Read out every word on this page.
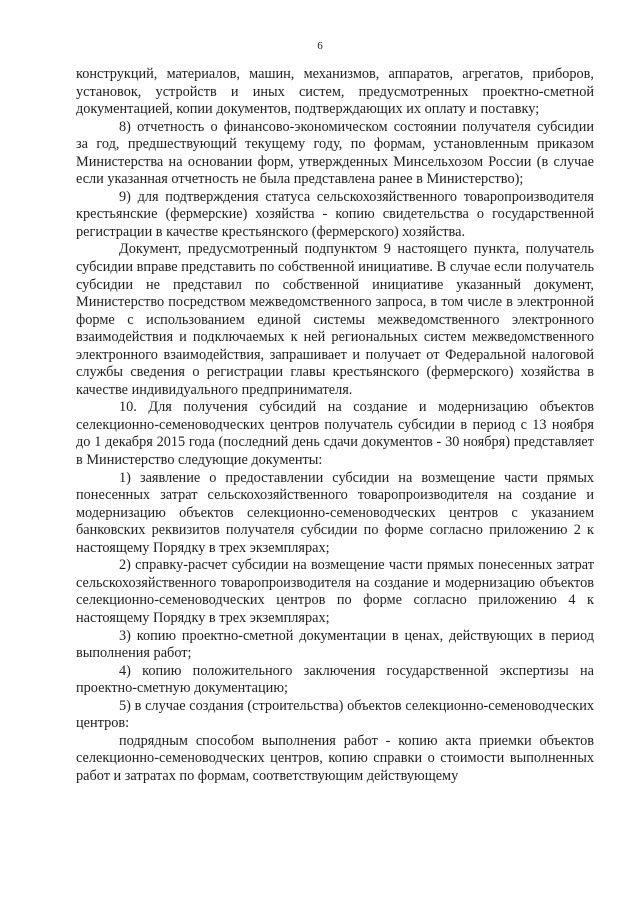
6

конструкций, материалов, машин, механизмов, аппаратов, агрегатов, приборов, установок, устройств и иных систем, предусмотренных проектно-сметной документацией, копии документов, подтверждающих их оплату и поставку;

8) отчетность о финансово-экономическом состоянии получателя субсидии за год, предшествующий текущему году, по формам, установленным приказом Министерства на основании форм, утвержденных Минсельхозом России (в случае если указанная отчетность не была представлена ранее в Министерство);

9) для подтверждения статуса сельскохозяйственного товаропроизводителя крестьянские (фермерские) хозяйства - копию свидетельства о государственной регистрации в качестве крестьянского (фермерского) хозяйства.

Документ, предусмотренный подпунктом 9 настоящего пункта, получатель субсидии вправе представить по собственной инициативе. В случае если получатель субсидии не представил по собственной инициативе указанный документ, Министерство посредством межведомственного запроса, в том числе в электронной форме с использованием единой системы межведомственного электронного взаимодействия и подключаемых к ней региональных систем межведомственного электронного взаимодействия, запрашивает и получает от Федеральной налоговой службы сведения о регистрации главы крестьянского (фермерского) хозяйства в качестве индивидуального предпринимателя.

10. Для получения субсидий на создание и модернизацию объектов селекционно-семеноводческих центров получатель субсидии в период с 13 ноября до 1 декабря 2015 года (последний день сдачи документов - 30 ноября) представляет в Министерство следующие документы:

1) заявление о предоставлении субсидии на возмещение части прямых понесенных затрат сельскохозяйственного товаропроизводителя на создание и модернизацию объектов селекционно-семеноводческих центров с указанием банковских реквизитов получателя субсидии по форме согласно приложению 2 к настоящему Порядку в трех экземплярах;

2) справку-расчет субсидии на возмещение части прямых понесенных затрат сельскохозяйственного товаропроизводителя на создание и модернизацию объектов селекционно-семеноводческих центров по форме согласно приложению 4 к настоящему Порядку в трех экземплярах;

3) копию проектно-сметной документации в ценах, действующих в период выполнения работ;

4) копию положительного заключения государственной экспертизы на проектно-сметную документацию;

5) в случае создания (строительства) объектов селекционно-семеноводческих центров:

подрядным способом выполнения работ - копию акта приемки объектов селекционно-семеноводческих центров, копию справки о стоимости выполненных работ и затратах по формам, соответствующим действующему
